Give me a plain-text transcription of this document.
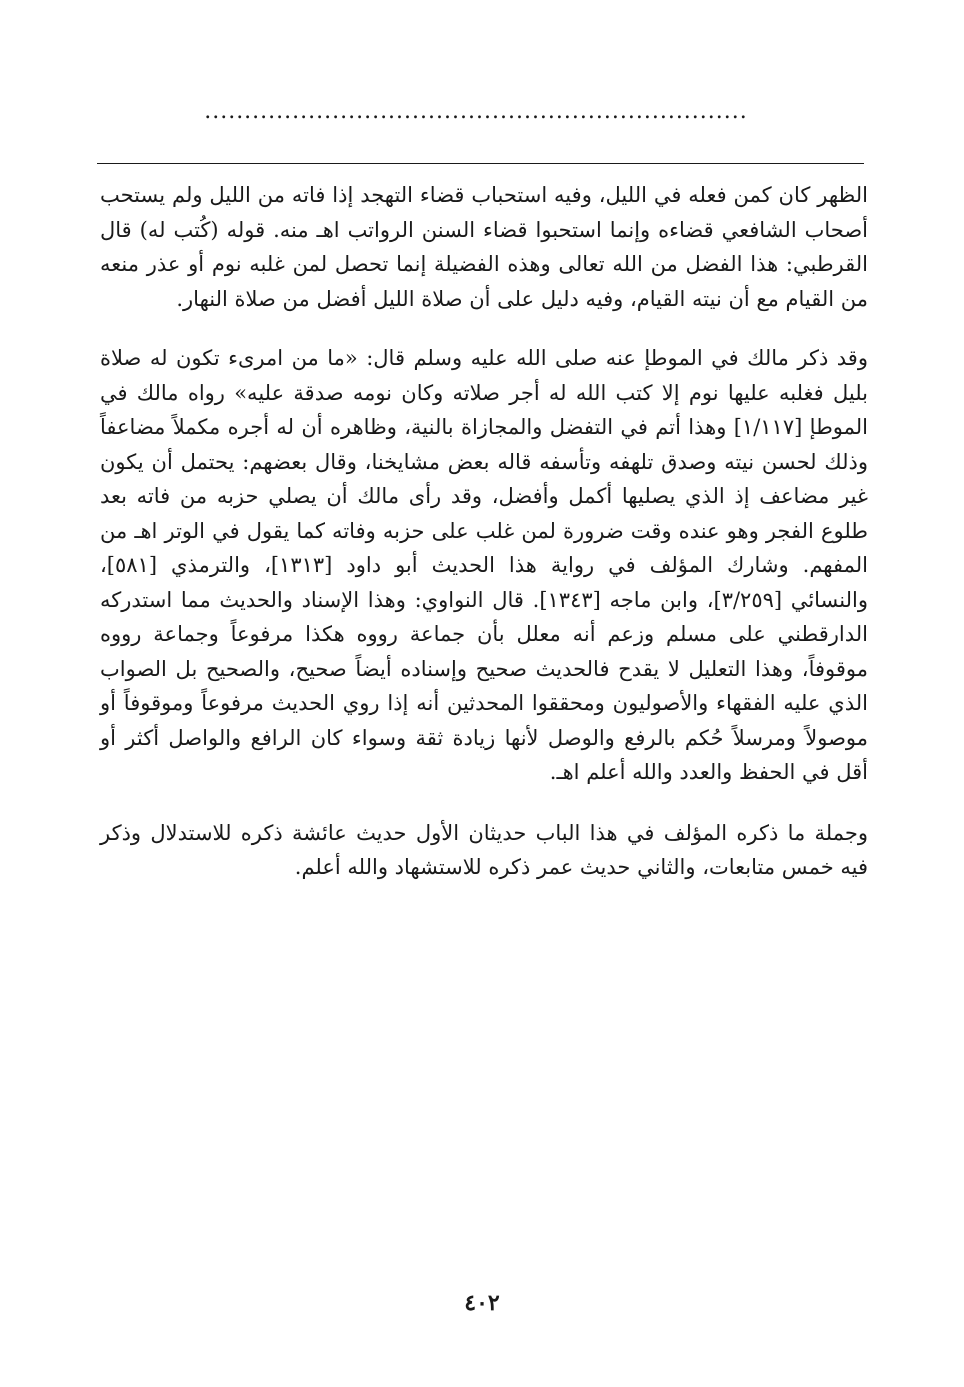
....................................................................

الظهر كان كمن فعله في الليل، وفيه استحباب قضاء التهجد إذا فاته من الليل ولم يستحب أصحاب الشافعي قضاءه وإنما استحبوا قضاء السنن الرواتب اهـ منه. قوله (كُتب له) قال القرطبي: هذا الفضل من الله تعالى وهذه الفضيلة إنما تحصل لمن غلبه نوم أو عذر منعه من القيام مع أن نيته القيام، وفيه دليل على أن صلاة الليل أفضل من صلاة النهار.

وقد ذكر مالك في الموطإ عنه صلى الله عليه وسلم قال: «ما من امرىء تكون له صلاة بليل فغلبه عليها نوم إلا كتب الله له أجر صلاته وكان نومه صدقة عليه» رواه مالك في الموطإ [١/١١٧] وهذا أتم في التفضل والمجازاة بالنية، وظاهره أن له أجره مكملاً مضاعفاً وذلك لحسن نيته وصدق تلهفه وتأسفه قاله بعض مشايخنا، وقال بعضهم: يحتمل أن يكون غير مضاعف إذ الذي يصليها أكمل وأفضل، وقد رأى مالك أن يصلي حزبه من فاته بعد طلوع الفجر وهو عنده وقت ضرورة لمن غلب على حزبه وفاته كما يقول في الوتر اهـ من المفهم. وشارك المؤلف في رواية هذا الحديث أبو داود [١٣١٣]، والترمذي [٥٨١]، والنسائي [٣/٢٥٩]، وابن ماجه [١٣٤٣]. قال النواوي: وهذا الإسناد والحديث مما استدركه الدارقطني على مسلم وزعم أنه معلل بأن جماعة رووه هكذا مرفوعاً وجماعة رووه موقوفاً، وهذا التعليل لا يقدح فالحديث صحيح وإسناده أيضاً صحيح، والصحيح بل الصواب الذي عليه الفقهاء والأصوليون ومحققوا المحدثين أنه إذا روي الحديث مرفوعاً وموقوفاً أو موصولاً ومرسلاً حُكم بالرفع والوصل لأنها زيادة ثقة وسواء كان الرافع والواصل أكثر أو أقل في الحفظ والعدد والله أعلم اهـ.

وجملة ما ذكره المؤلف في هذا الباب حديثان الأول حديث عائشة ذكره للاستدلال وذكر فيه خمس متابعات، والثاني حديث عمر ذكره للاستشهاد والله أعلم.

٤٠٢
